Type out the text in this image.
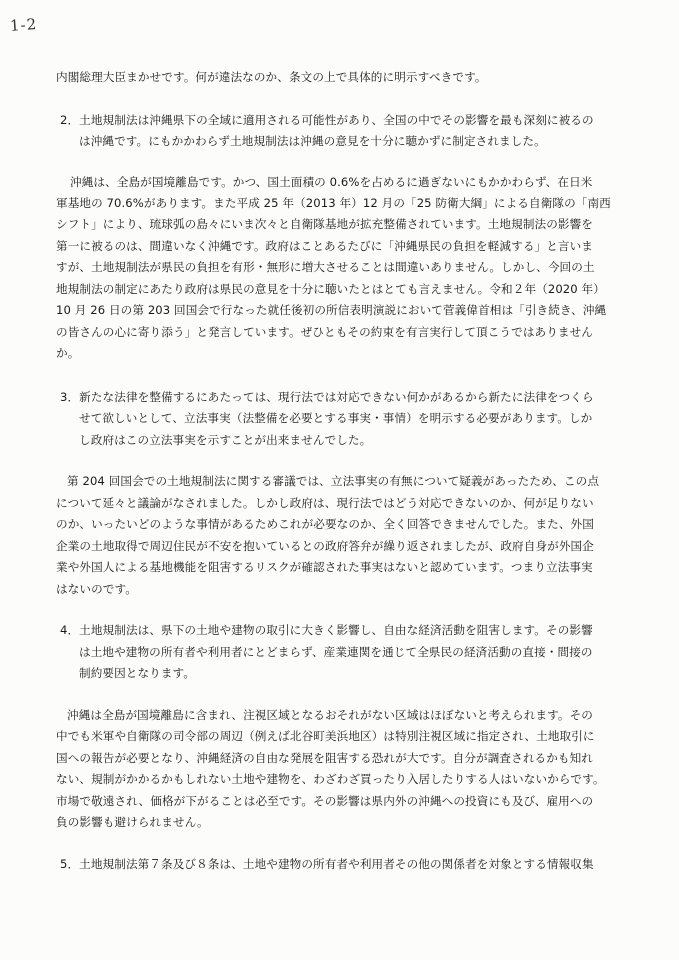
1-2
内閣総理大臣まかせです。何が違法なのか、条文の上で具体的に明示すべきです。
2．土地規制法は沖縄県下の全域に適用される可能性があり、全国の中でその影響を最も深刻に被るの
は沖縄です。にもかかわらず土地規制法は沖縄の意見を十分に聴かずに制定されました。
沖縄は、全島が国境離島です。かつ、国土面積の 0.6%を占めるに過ぎないにもかかわらず、在日米
軍基地の 70.6%があります。また平成 25 年（2013 年）12 月の「25 防衛大綱」による自衛隊の「南西
シフト」により、琉球弧の島々にいま次々と自衛隊基地が拡充整備されています。土地規制法の影響を
第一に被るのは、間違いなく沖縄です。政府はことあるたびに「沖縄県民の負担を軽減する」と言いま
すが、土地規制法が県民の負担を有形・無形に増大させることは間違いありません。しかし、今回の土
地規制法の制定にあたり政府は県民の意見を十分に聴いたとはとても言えません。令和２年（2020 年）
10 月 26 日の第 203 回国会で行なった就任後初の所信表明演説において菅義偉首相は「引き続き、沖縄
の皆さんの心に寄り添う」と発言しています。ぜひともその約束を有言実行して頂こうではありません
か。
3．新たな法律を整備するにあたっては、現行法では対応できない何かがあるから新たに法律をつくら
せて欲しいとして、立法事実（法整備を必要とする事実・事情）を明示する必要があります。しか
し政府はこの立法事実を示すことが出来ませんでした。
第 204 回国会での土地規制法に関する審議では、立法事実の有無について疑義があったため、この点
について延々と議論がなされました。しかし政府は、現行法ではどう対応できないのか、何が足りない
のか、いったいどのような事情があるためこれが必要なのか、全く回答できませんでした。また、外国
企業の土地取得で周辺住民が不安を抱いているとの政府答弁が繰り返されましたが、政府自身が外国企
業や外国人による基地機能を阻害するリスクが確認された事実はないと認めています。つまり立法事実
はないのです。
4．土地規制法は、県下の土地や建物の取引に大きく影響し、自由な経済活動を阻害します。その影響
は土地や建物の所有者や利用者にとどまらず、産業連関を通じて全県民の経済活動の直接・間接の
制約要因となります。
沖縄は全島が国境離島に含まれ、注視区域となるおそれがない区域はほぼないと考えられます。その
中でも米軍や自衛隊の司令部の周辺（例えば北谷町美浜地区）は特別注視区域に指定され、土地取引に
国への報告が必要となり、沖縄経済の自由な発展を阻害する恐れが大です。自分が調査されるかも知れ
ない、規制がかかるかもしれない土地や建物を、わざわざ買ったり入居したりする人はいないからです。
市場で敬遠され、価格が下がることは必至です。その影響は県内外の沖縄への投資にも及び、雇用への
負の影響も避けられません。
5．土地規制法第７条及び８条は、土地や建物の所有者や利用者その他の関係者を対象とする情報収集
